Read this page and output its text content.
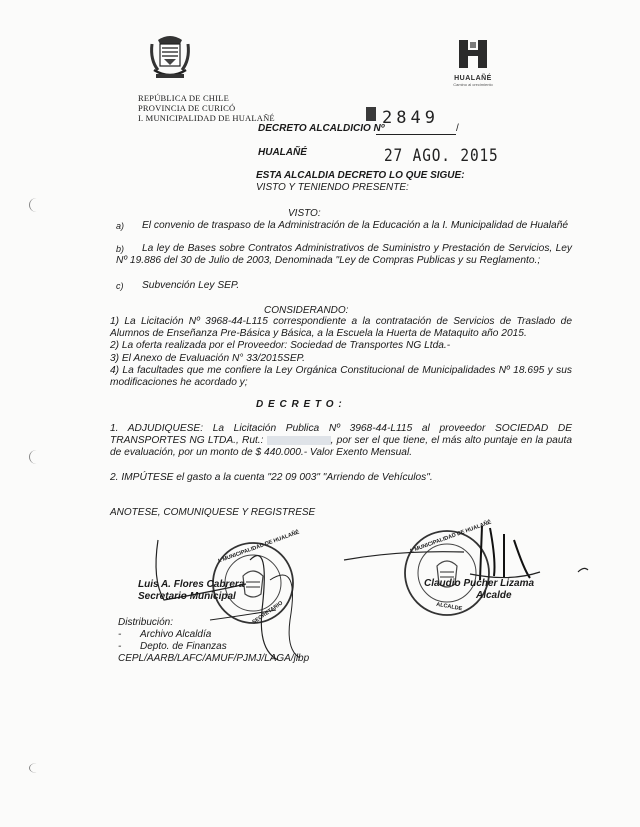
REPÚBLICA DE CHILE
PROVINCIA DE CURICÓ
I. MUNICIPALIDAD DE HUALAÑÉ
HUALAÑÉ
Camino al crecimiento
DECRETO ALCALDICIO Nº
2849
/
HUALAÑÉ	27 AGO. 2015
ESTA ALCALDIA DECRETO LO QUE SIGUE:
VISTO Y TENIENDO PRESENTE:
VISTO:
a)	El convenio de traspaso de la Administración de la Educación a la I. Municipalidad de Hualañé
b)	La ley de Bases sobre Contratos Administrativos de Suministro y Prestación de Servicios, Ley Nº 19.886 del 30 de Julio de 2003, Denominada "Ley de Compras Publicas y su Reglamento.;
c)	Subvención Ley SEP.
CONSIDERANDO:
1) La Licitación Nº 3968-44-L115 correspondiente a la contratación de Servicios de Traslado de Alumnos de Enseñanza Pre-Básica y Básica, a la Escuela la Huerta de Mataquito año 2015.
2) La oferta realizada por el Proveedor: Sociedad de Transportes NG Ltda.-
3) El Anexo de Evaluación N° 33/2015SEP.
4) La facultades que me confiere la Ley Orgánica Constitucional de Municipalidades Nº 18.695 y sus modificaciones he acordado y;
D E C R E T O :
1. ADJUDIQUESE: La Licitación Publica Nº 3968-44-L115 al proveedor SOCIEDAD DE TRANSPORTES NG LTDA., Rut.:	, por ser el que tiene, el más alto puntaje en la pauta de evaluación, por un monto de $ 440.000.- Valor Exento Mensual.
2. IMPÚTESE el gasto a la cuenta "22 09 003" "Arriendo de Vehículos".
ANOTESE, COMUNIQUESE Y REGISTRESE
I. MUNICIPALIDAD DE HUALAÑÉ
SECRETARIO
I. MUNICIPALIDAD DE HUALAÑÉ
ALCALDE
Luis A. Flores Cabrera
Secretario Municipal
Claudio Pucher Lizama
Alcalde
Distribución:
- Archivo Alcaldía
- Depto. de Finanzas
CEPL/AARB/LAFC/AMUF/PJMJ/LAGA/jlbp
